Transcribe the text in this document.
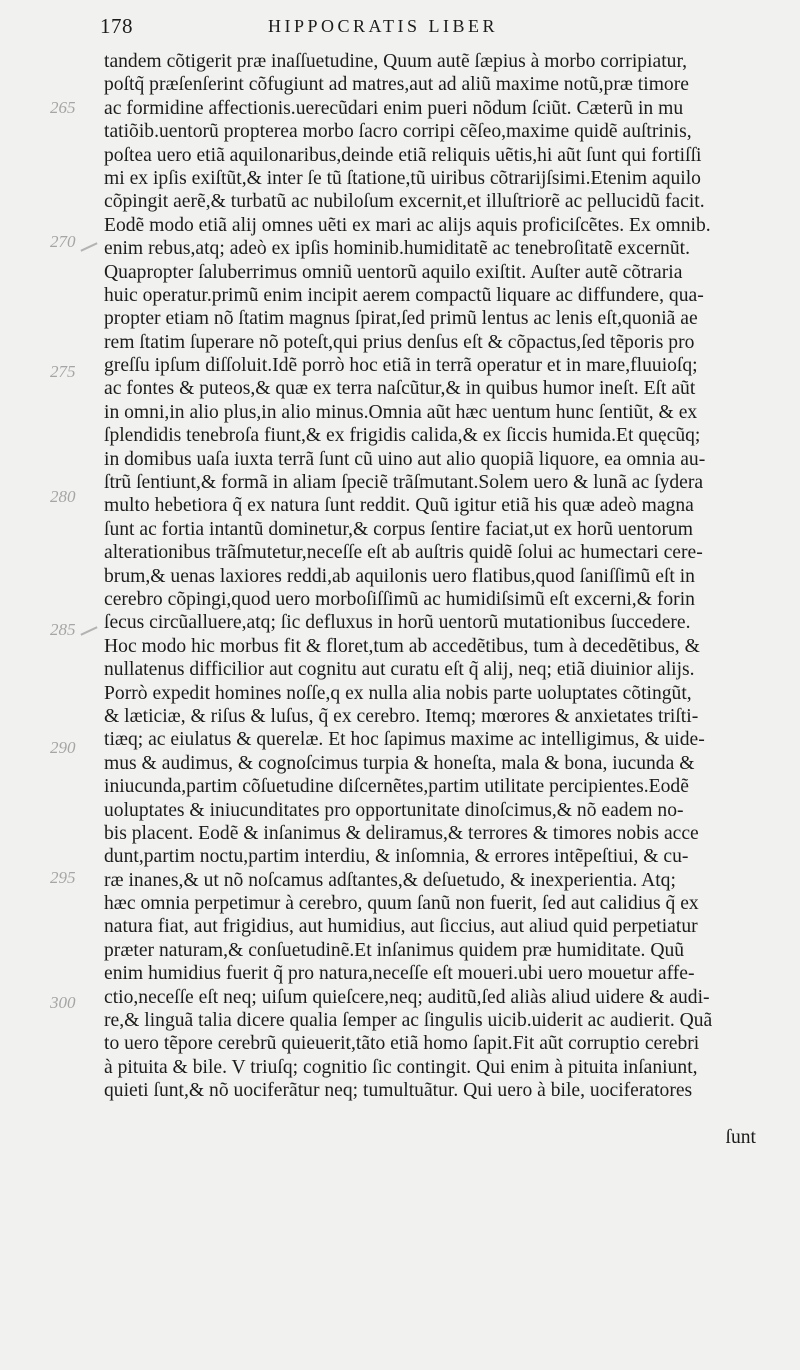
178	HIPPOCRATIS LIBER
265
270
275
280
285
290
295
300
tandem cõtigerit præ inaſſuetudine, Quum autẽ ſæpius à morbo corripiatur,
poſtq̃ præſenſerint cõfugiunt ad matres,aut ad aliũ maxime notũ,præ timore
ac formidine affectionis.uerecũdari enim pueri nõdum ſciũt. Cæterũ in mu
tatiõib.uentorũ propterea morbo ſacro corripi cẽſeo,maxime quidẽ auſtrinis,
poſtea uero etiã aquilonaribus,deinde etiã reliquis uẽtis,hi aũt ſunt qui fortiſſi
mi ex ipſis exiſtũt,& inter ſe tũ ſtatione,tũ uiribus cõtrarijſsimi.Etenim aquilo
cõpingit aerẽ,& turbatũ ac nubiloſum excernit,et illuſtriorẽ ac pellucidũ facit.
Eodẽ modo etiã alij omnes uẽti ex mari ac alijs aquis proficiſcẽtes. Ex omnib.
enim rebus,atq; adeò ex ipſis hominib.humiditatẽ ac tenebroſitatẽ excernũt.
Quapropter ſaluberrimus omniũ uentorũ aquilo exiſtit. Auſter autẽ cõtraria
huic operatur.primũ enim incipit aerem compactũ liquare ac diffundere, qua-
propter etiam nõ ſtatim magnus ſpirat,ſed primũ lentus ac lenis eſt,quoniã ae
rem ſtatim ſuperare nõ poteſt,qui prius denſus eſt & cõpactus,ſed tẽporis pro
greſſu ipſum diſſoluit.Idẽ porrò hoc etiã in terrã operatur et in mare,fluuioſq;
ac fontes & puteos,& quæ ex terra naſcũtur,& in quibus humor ineſt. Eſt aũt
in omni,in alio plus,in alio minus.Omnia aũt hæc uentum hunc ſentiũt, & ex
ſplendidis tenebroſa fiunt,& ex frigidis calida,& ex ſiccis humida.Et quęcũq;
in domibus uaſa iuxta terrã ſunt cũ uino aut alio quopiã liquore, ea omnia au-
ſtrũ ſentiunt,& formã in aliam ſpeciẽ trãſmutant.Solem uero & lunã ac ſydera
multo hebetiora q̃ ex natura ſunt reddit. Quũ igitur etiã his quæ adeò magna
ſunt ac fortia intantũ dominetur,& corpus ſentire faciat,ut ex horũ uentorum
alterationibus trãſmutetur,neceſſe eſt ab auſtris quidẽ ſolui ac humectari cere-
brum,& uenas laxiores reddi,ab aquilonis uero flatibus,quod ſaniſſimũ eſt in
cerebro cõpingi,quod uero morboſiſſimũ ac humidiſsimũ eſt excerni,& forin
ſecus circũalluere,atq; ſic defluxus in horũ uentorũ mutationibus ſuccedere.
Hoc modo hic morbus fit & floret,tum ab accedẽtibus, tum à decedẽtibus, &
nullatenus difficilior aut cognitu aut curatu eſt q̃ alij, neq; etiã diuinior alijs.
Porrò expedit homines noſſe,q ex nulla alia nobis parte uoluptates cõtingũt,
& læticiæ, & riſus & luſus, q̃ ex cerebro. Itemq; mœrores & anxietates triſti-
tiæq; ac eiulatus & querelæ. Et hoc ſapimus maxime ac intelligimus, & uide-
mus & audimus, & cognoſcimus turpia & honeſta, mala & bona, iucunda &
iniucunda,partim cõſuetudine diſcernẽtes,partim utilitate percipientes.Eodẽ
uoluptates & iniucunditates pro opportunitate dinoſcimus,& nõ eadem no-
bis placent. Eodẽ & inſanimus & deliramus,& terrores & timores nobis acce
dunt,partim noctu,partim interdiu, & inſomnia, & errores intẽpeſtiui, & cu-
ræ inanes,& ut nõ noſcamus adſtantes,& deſuetudo, & inexperientia. Atq;
hæc omnia perpetimur à cerebro, quum ſanũ non fuerit, ſed aut calidius q̃ ex
natura fiat, aut frigidius, aut humidius, aut ſiccius, aut aliud quid perpetiatur
præter naturam,& conſuetudinẽ.Et inſanimus quidem præ humiditate. Quũ
enim humidius fuerit q̃ pro natura,neceſſe eſt moueri.ubi uero mouetur affe-
ctio,neceſſe eſt neq; uiſum quieſcere,neq; auditũ,ſed aliàs aliud uidere & audi-
re,& linguã talia dicere qualia ſemper ac ſingulis uicib.uiderit ac audierit. Quã
to uero tẽpore cerebrũ quieuerit,tãto etiã homo ſapit.Fit aũt corruptio cerebri
à pituita & bile. V triuſq; cognitio ſic contingit. Qui enim à pituita inſaniunt,
quieti ſunt,& nõ uociferãtur neq; tumultuãtur. Qui uero à bile, uociferatores
ſunt
